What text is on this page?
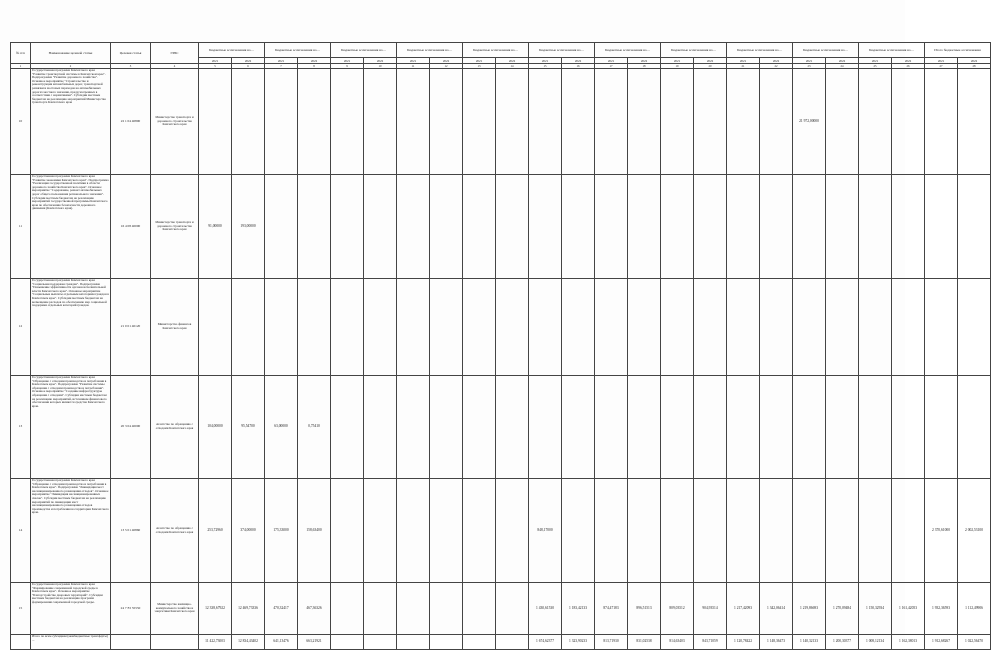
№ п/п	Наименование целевой статьи	Целевая статья	ГРБС	Бюджетные ассигнования на ...		Бюджетные ассигнования на ...		Бюджетные ассигнования на ...		Бюджетные ассигнования на ...		Бюджетные ассигнования на ...		Бюджетные ассигнования на ...		Бюджетные ассигнования на ...		Бюджетные ассигнования на ...		Бюджетные ассигнования на ...		Бюджетные ассигнования на ...		Бюджетные ассигнования на ...		Итого бюджетные ассигнования	
				2021	2022	2021	2022	2021	2022	2021	2022	2021	2022	2021	2022	2021	2022	2021	2022	2021	2022	2021	2022	2021	2022	2021	2022
1	2	3	4	5	6	7	8	9	10	11	12	13	14	15	16	17	18	19	20	21	22	23	24	25	26	27	28
10	Государственная программа Камчатского края "Развитие транспортной системы в Камчатском крае". Подпрограмма "Развитие дорожного хозяйства". Основное мероприятие "Строительство и реконструкция автомобильных дорог, транспортной развязки и мостовых переходов на автомобильных дорогах местного значения, предусмотренных в соответствии с нормативами". Субсидии местным бюджетам на реализацию мероприятий Министерства транспорта Камчатского края	22 1 04 40800	Министерство транспорта и дорожного строительства Камчатского края																			21 972,00000					
11	Государственная программа Камчатского края "Развитие экономики Камчатского края". Подпрограмма "Реализация государственной политики в области дорожного хозяйства Камчатского края". Основное мероприятие "Содержание, ремонт автомобильных дорог общего пользования регионального значения". Субсидии местным бюджетам на реализацию мероприятий государственной программы Камчатского края по обеспечению безопасности дорожного движения (Камчатского края).	16 4 08 40000	Министерство транспорта и дорожного строительства Камчатского края	91,00000	193,00000																						
12	Государственная программа Камчатского края "Социальная поддержка граждан". Подпрограмма "Повышение эффективности органов исполнительной власти Камчатского края". Основное мероприятие "Социальные выплаты отдельным категориям граждан в Камчатском крае". Субсидии местным бюджетам на возмещение расходов по обеспечению мер социальной поддержки отдельных категорий граждан.	21 0 01 40120	Министерство финансов Камчатского края																								
13	Государственная программа Камчатского края "Обращение с отходами производства и потребления в Камчатском крае". Подпрограмма "Развитие системы обращения с отходами производства и потребления". Основное мероприятие "Создание инфраструктуры обращения с отходами". Субсидии местным бюджетам на реализацию мероприятий, источником финансового обеспечения которых являются средства Камчатского края.	20 3 04 40000	Агентство по обращению с отходами Камчатского края	104,00000	95,54700	63,00000	0,75410																				
14	Государственная программа Камчатского края "Обращение с отходами производства и потребления в Камчатском крае". Подпрограмма "Ликвидация мест несанкционированного размещения отходов". Основное мероприятие "Ликвидация несанкционированных свалок". Субсидии местным бюджетам на реализацию мероприятий по ликвидации мест несанкционированного размещения отходов производства и потребления на территории Камчатского края.	13 5 01 40860	Агентство по обращению с отходами Камчатского края	253,72960	374,00000	175,33000	158,63400							848,17000												2 370,61000	2 002,53100
15	Государственная программа Камчатского края "Формирование современной городской среды в Камчатском крае". Основное мероприятие "Благоустройство дворовых территорий". Субсидии местным бюджетам на реализацию программ формирования современной городской среды.	24 7 F2 55550	Министерство жилищно-коммунального хозяйства и энергетики Камчатского края	12 338,67922	12 469,73336	470,32417	467,36326							1 430,61530	1 183,42133	874,47183	896,51513	809,03512	904,93514	1 217,42093	1 342,06414	1 219,86693	1 270,09484	1 150,32934	1 161,42053	1 932,36593	1 112,49906
	Итого по всем субсидиям (межбюджетные трансферты) ...			11 422,73003	12 834,43402	641,13476	663,21921							1 674,62377	1 323,90233	813,71930	831,02538	814,63403	843,71059	1 120,78422	1 148,36473	1 140,32133	1 200,30377	1 008,12134	1 162,38013	1 912,68267	1 022,56470
